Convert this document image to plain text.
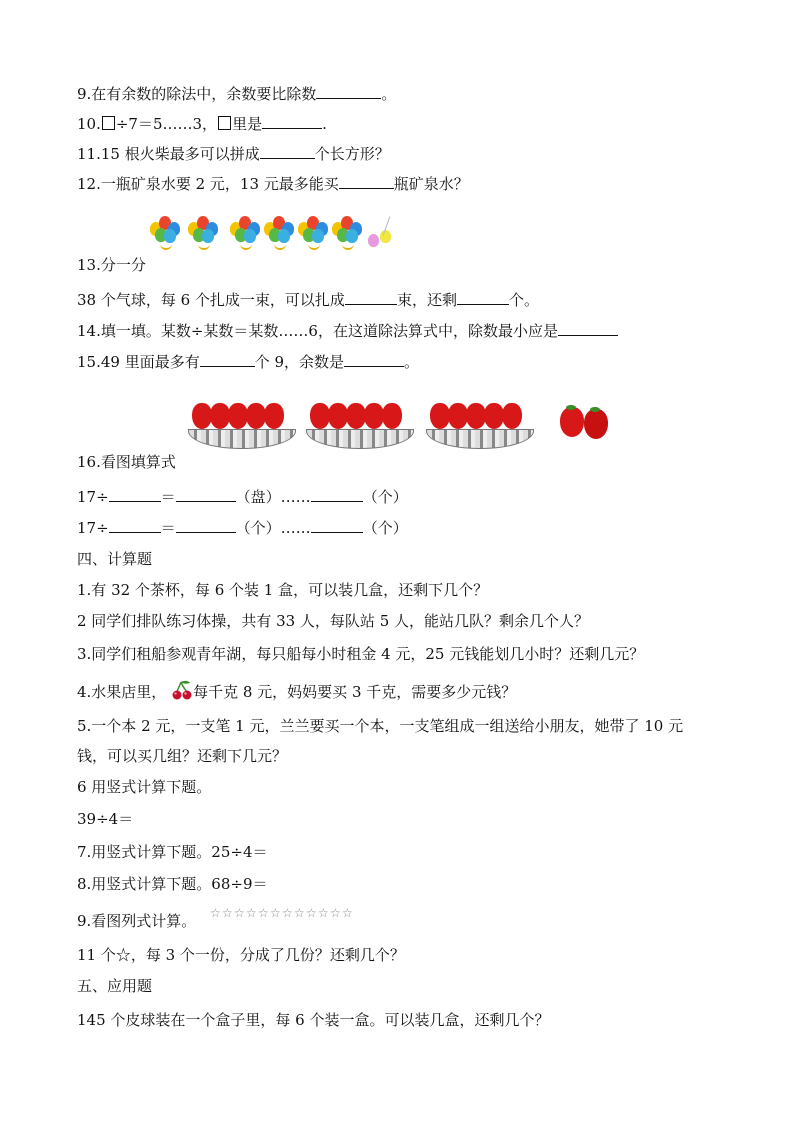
9.在有余数的除法中，余数要比除数	。
10. ÷7＝5……3， 里是	.
11.15 根火柴最多可以拼成	个长方形？
12.一瓶矿泉水要 2 元，13 元最多能买	瓶矿泉水？
13.分一分
38 个气球，每 6 个扎成一束，可以扎成	束，还剩	个。
14.填一填。某数÷某数＝某数……6，在这道除法算式中，除数最小应是
15.49 里面最多有	个 9，余数是	。
16.看图填算式
17÷	＝	（盘）……	（个）
17÷	＝	（个）……	（个）
四、计算题
1.有 32 个茶杯，每 6 个装 1 盒，可以装几盒，还剩下几个？
2 同学们排队练习体操，共有 33 人，每队站 5 人，能站几队？剩余几个人？
3.同学们租船参观青年湖，每只船每小时租金 4 元，25 元钱能划几小时？还剩几元？
4.水果店里， 每千克 8 元，妈妈要买 3 千克，需要多少元钱？
5.一个本 2 元，一支笔 1 元，兰兰要买一个本，一支笔组成一组送给小朋友，她带了 10 元
钱，可以买几组？还剩下几元？
6 用竖式计算下题。
39÷4＝
7.用竖式计算下题。25÷4＝
8.用竖式计算下题。68÷9＝
9.看图列式计算。 ☆ ☆ ☆ ☆ ☆ ☆ ☆ ☆ ☆ ☆ ☆ ☆
11 个☆，每 3 个一份，分成了几份？还剩几个？
五、应用题
145 个皮球装在一个盒子里，每 6 个装一盒。可以装几盒，还剩几个？
